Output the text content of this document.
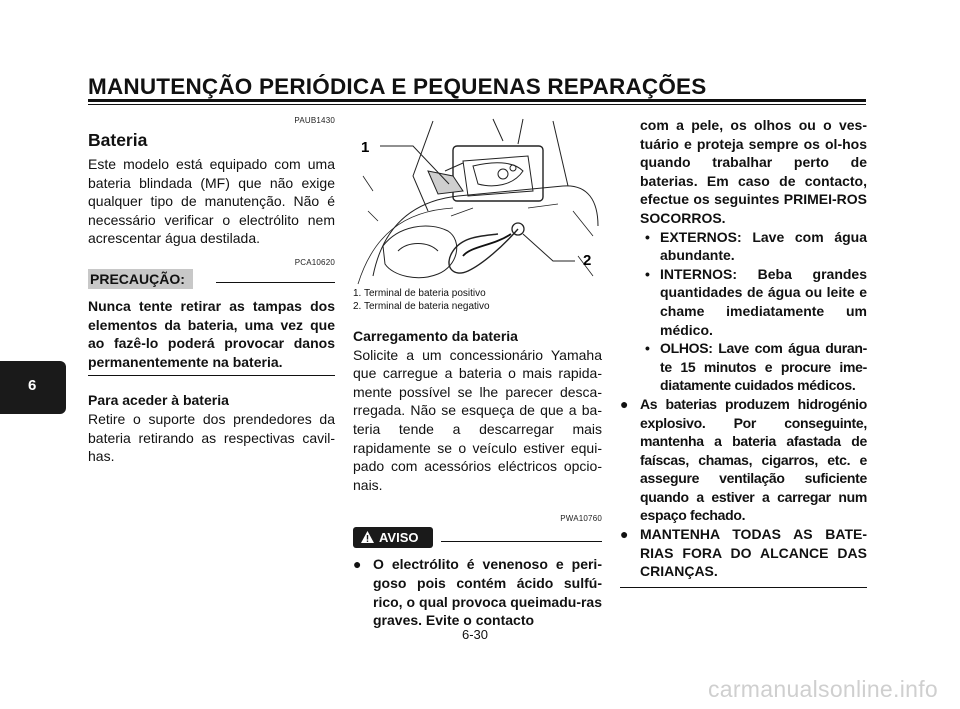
MANUTENÇÃO PERIÓDICA E PEQUENAS REPARAÇÕES
6
PAUB1430
Bateria

Este modelo está equipado com uma bateria blindada (MF) que não exige qualquer tipo de manutenção. Não é necessário verificar o electrólito nem acrescentar água destilada.

PCA10620
PRECAUÇÃO:

Nunca tente retirar as tampas dos elementos da bateria, uma vez que ao fazê-lo poderá provocar danos permanentemente na bateria.

Para aceder à bateria

Retire o suporte dos prendedores da bateria retirando as respectivas cavil-has.

1
2
1. Terminal de bateria positivo
2. Terminal de bateria negativo

Carregamento da bateria

Solicite a um concessionário Yamaha que carregue a bateria o mais rapida-mente possível se lhe parecer desca-rregada. Não se esqueça de que a ba-teria tende a descarregar mais rapidamente se o veículo estiver equi-pado com acessórios eléctricos opcio-nais.

PWA10760
AVISO
● O electrólito é venenoso e peri-goso pois contém ácido sulfú-rico, o qual provoca queimadu-ras graves. Evite o contacto

com a pele, os olhos ou o ves-tuário e proteja sempre os ol-hos quando trabalhar perto de baterias. Em caso de contacto, efectue os seguintes PRIMEI-ROS SOCORROS.

• EXTERNOS: Lave com água abundante.

• INTERNOS: Beba grandes quantidades de água ou leite e chame imediatamente um médico.

• OLHOS: Lave com água duran-te 15 minutos e procure ime-diatamente cuidados médicos.

● As baterias produzem hidrogénio explosivo. Por conseguinte, mantenha a bateria afastada de faíscas, chamas, cigarros, etc. e assegure ventilação suficiente quando a estiver a carregar num espaço fechado.

● MANTENHA TODAS AS BATE-RIAS FORA DO ALCANCE DAS CRIANÇAS.

6-30
carmanualsonline.info
